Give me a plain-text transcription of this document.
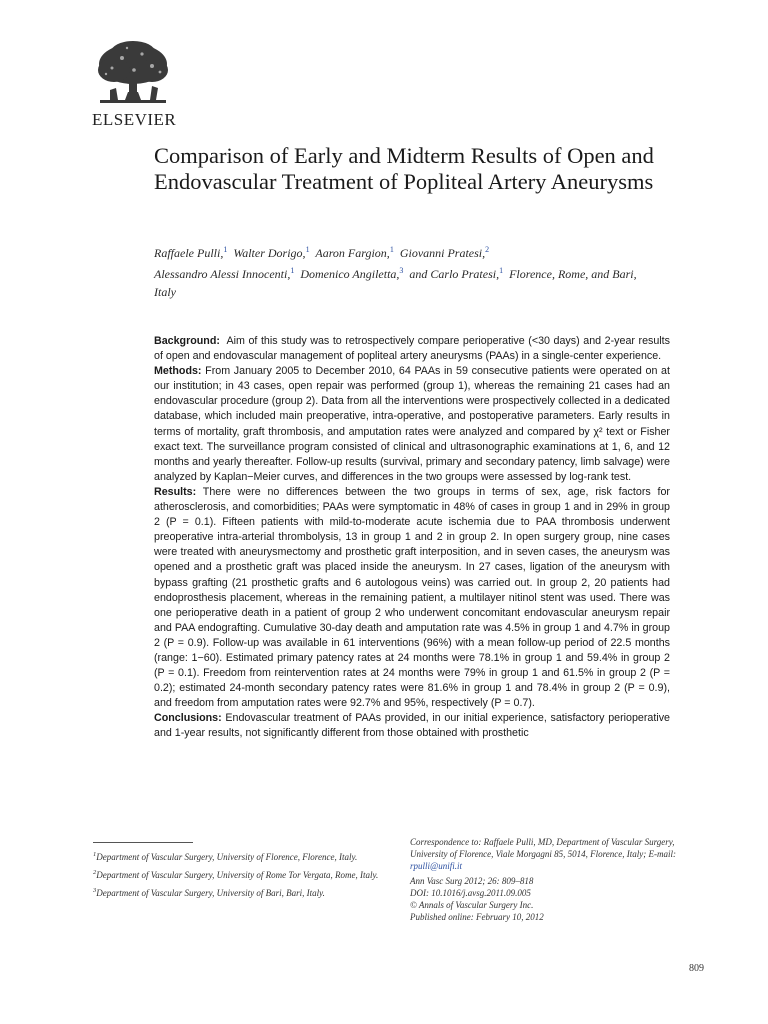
ELSEVIER
Comparison of Early and Midterm Results of Open and Endovascular Treatment of Popliteal Artery Aneurysms
Raffaele Pulli,$^1$ Walter Dorigo,$^1$ Aaron Fargion,$^1$ Giovanni Pratesi,$^2$
Alessandro Alessi Innocenti,$^1$ Domenico Angiletta,$^3$ and Carlo Pratesi,$^1$ Florence, Rome, and Bari, Italy

Background: Aim of this study was to retrospectively compare perioperative (<30 days) and 2-year results of open and endovascular management of popliteal artery aneurysms (PAAs) in a single-center experience.

Methods: From January 2005 to December 2010, 64 PAAs in 59 consecutive patients were operated on at our institution; in 43 cases, open repair was performed (group 1), whereas the remaining 21 cases had an endovascular procedure (group 2). Data from all the interventions were prospectively collected in a dedicated database, which included main preoperative, intra-operative, and postoperative parameters. Early results in terms of mortality, graft thrombosis, and amputation rates were analyzed and compared by χ² text or Fisher exact text. The surveillance program consisted of clinical and ultrasonographic examinations at 1, 6, and 12 months and yearly thereafter. Follow-up results (survival, primary and secondary patency, limb salvage) were analyzed by Kaplan−Meier curves, and differences in the two groups were assessed by log-rank test.

Results: There were no differences between the two groups in terms of sex, age, risk factors for atherosclerosis, and comorbidities; PAAs were symptomatic in 48% of cases in group 1 and in 29% in group 2 (P = 0.1). Fifteen patients with mild-to-moderate acute ischemia due to PAA thrombosis underwent preoperative intra-arterial thrombolysis, 13 in group 1 and 2 in group 2. In open surgery group, nine cases were treated with aneurysmectomy and prosthetic graft interposition, and in seven cases, the aneurysm was opened and a prosthetic graft was placed inside the aneurysm. In 27 cases, ligation of the aneurysm with bypass grafting (21 prosthetic grafts and 6 autologous veins) was carried out. In group 2, 20 patients had endoprosthesis placement, whereas in the remaining patient, a multilayer nitinol stent was used. There was one perioperative death in a patient of group 2 who underwent concomitant endovascular aneurysm repair and PAA endografting. Cumulative 30-day death and amputation rate was 4.5% in group 1 and 4.7% in group 2 (P = 0.9). Follow-up was available in 61 interventions (96%) with a mean follow-up period of 22.5 months (range: 1−60). Estimated primary patency rates at 24 months were 78.1% in group 1 and 59.4% in group 2 (P = 0.1). Freedom from reintervention rates at 24 months were 79% in group 1 and 61.5% in group 2 (P = 0.2); estimated 24-month secondary patency rates were 81.6% in group 1 and 78.4% in group 2 (P = 0.9), and freedom from amputation rates were 92.7% and 95%, respectively (P = 0.7).

Conclusions: Endovascular treatment of PAAs provided, in our initial experience, satisfactory perioperative and 1-year results, not significantly different from those obtained with prosthetic

$^1$Department of Vascular Surgery, University of Florence, Florence, Italy.

$^2$Department of Vascular Surgery, University of Rome Tor Vergata, Rome, Italy.

$^3$Department of Vascular Surgery, University of Bari, Bari, Italy.

Correspondence to: Raffaele Pulli, MD, Department of Vascular Surgery, University of Florence, Viale Morgagni 85, 5014, Florence, Italy; E-mail: rpulli@unifi.it

Ann Vasc Surg 2012; 26: 809–818

DOI: 10.1016/j.avsg.2011.09.005

© Annals of Vascular Surgery Inc.

Published online: February 10, 2012

809
